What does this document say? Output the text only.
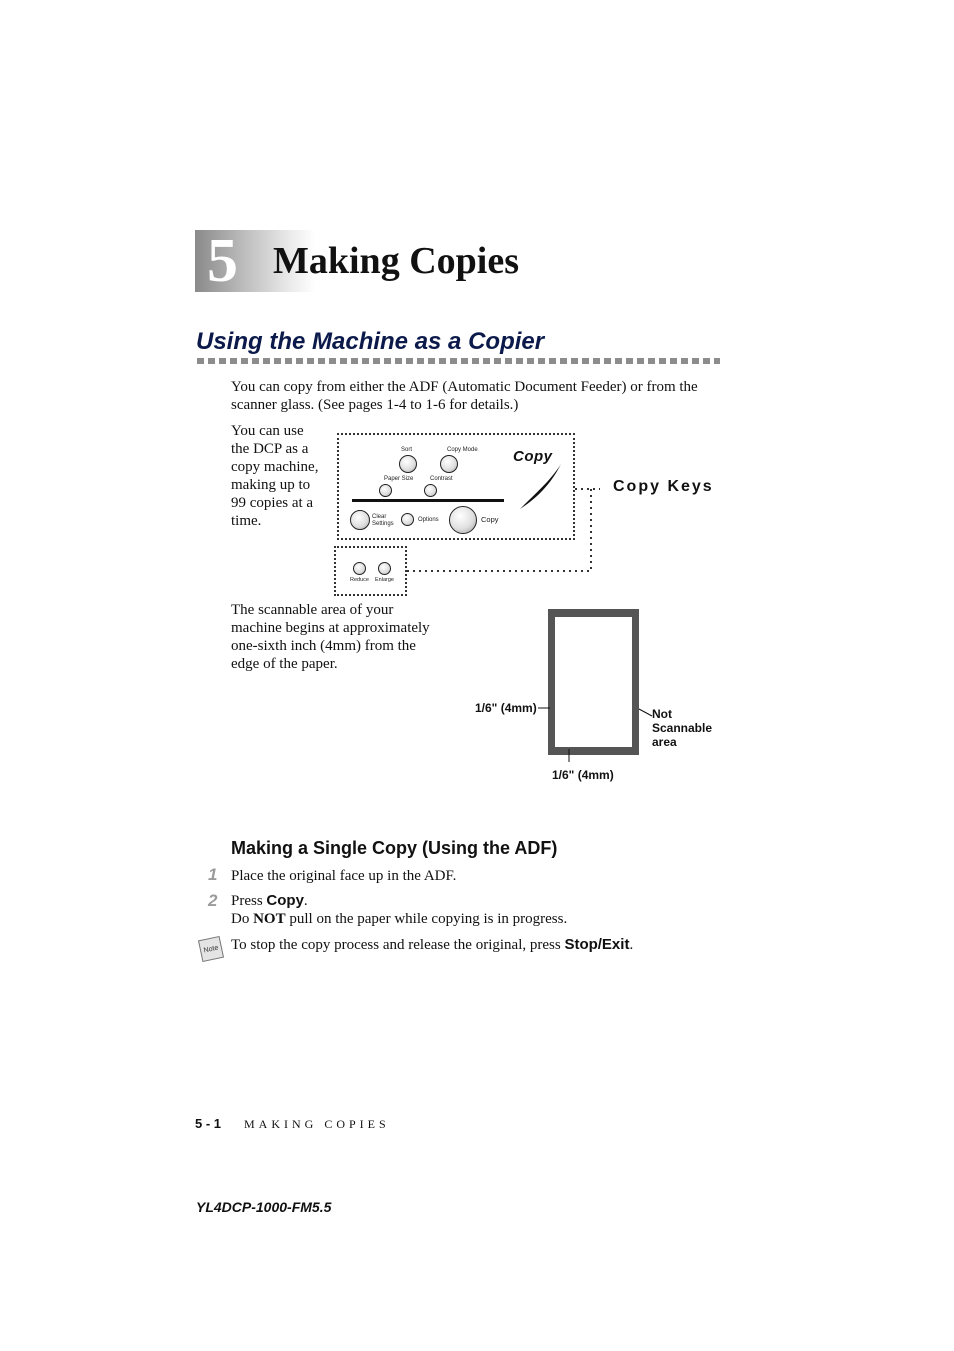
5 Making Copies
Using the Machine as a Copier
You can copy from either the ADF (Automatic Document Feeder) or from the scanner glass. (See pages 1-4 to 1-6 for details.)
You can use the DCP as a copy machine, making up to 99 copies at a time.
Sort	Copy Mode
Paper Size	Contrast
Clear Settings
Options	Copy
Copy
Reduce Enlarge
Copy Keys
The scannable area of your machine begins at approximately one-sixth inch (4mm) from the edge of the paper.
1/6" (4mm)
1/6" (4mm)
Not Scannable area
Making a Single Copy (Using the ADF)
1 Place the original face up in the ADF.
2 Press Copy.
Do NOT pull on the paper while copying is in progress.
Note To stop the copy process and release the original, press Stop/Exit.
5 - 1 MAKING COPIES
YL4DCP-1000-FM5.5
